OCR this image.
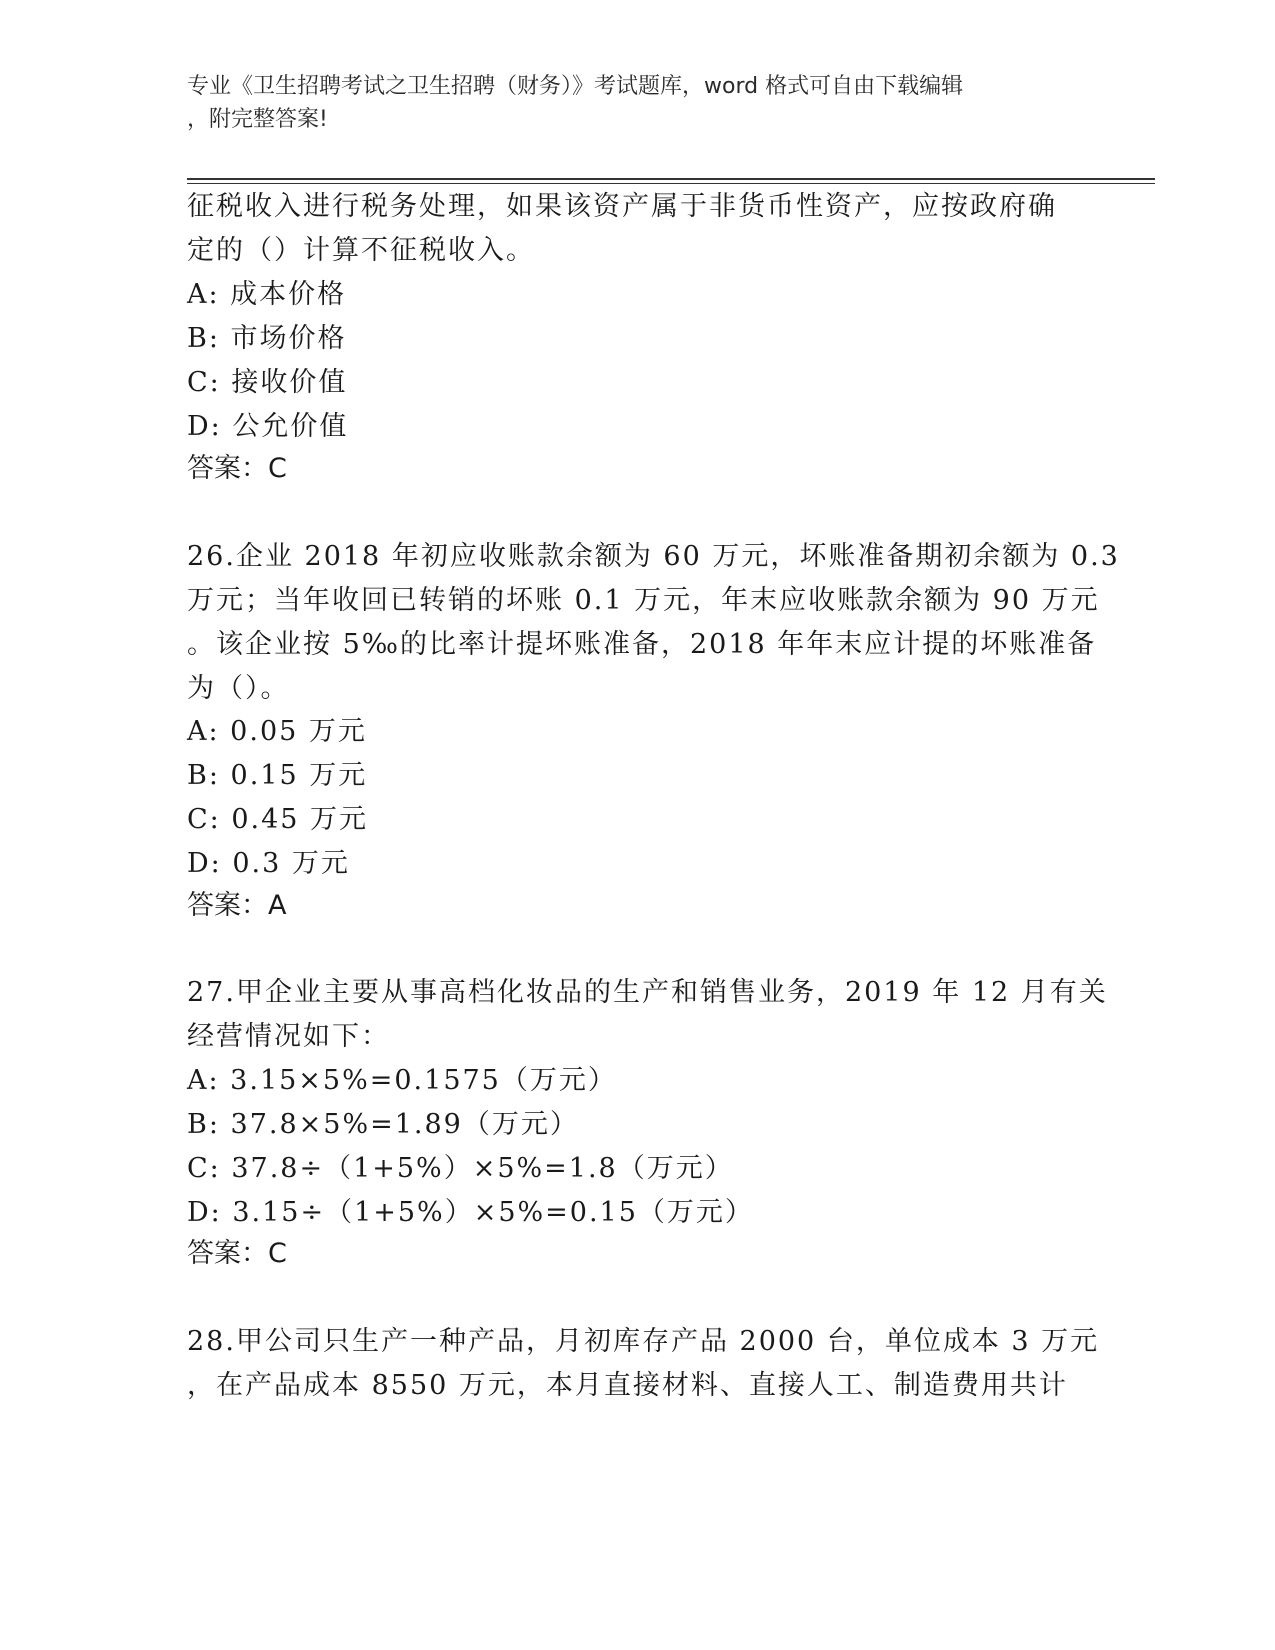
专业《卫生招聘考试之卫生招聘（财务）》考试题库，word 格式可自由下载编辑
，附完整答案!
征税收入进行税务处理，如果该资产属于非货币性资产，应按政府确
定的（）计算不征税收入。
A: 成本价格
B: 市场价格
C: 接收价值
D: 公允价值
答案：C
26.企业 2018 年初应收账款余额为 60 万元，坏账准备期初余额为 0.3
万元；当年收回已转销的坏账 0.1 万元，年末应收账款余额为 90 万元
。该企业按 5‰的比率计提坏账准备，2018 年年末应计提的坏账准备
为（）。
A: 0.05 万元
B: 0.15 万元
C: 0.45 万元
D: 0.3 万元
答案：A
27.甲企业主要从事高档化妆品的生产和销售业务，2019 年 12 月有关
经营情况如下：
A: 3.15×5%=0.1575（万元）
B: 37.8×5%=1.89（万元）
C: 37.8÷（1+5%）×5%=1.8（万元）
D: 3.15÷（1+5%）×5%=0.15（万元）
答案：C
28.甲公司只生产一种产品，月初库存产品 2000 台，单位成本 3 万元
，在产品成本 8550 万元，本月直接材料、直接人工、制造费用共计
